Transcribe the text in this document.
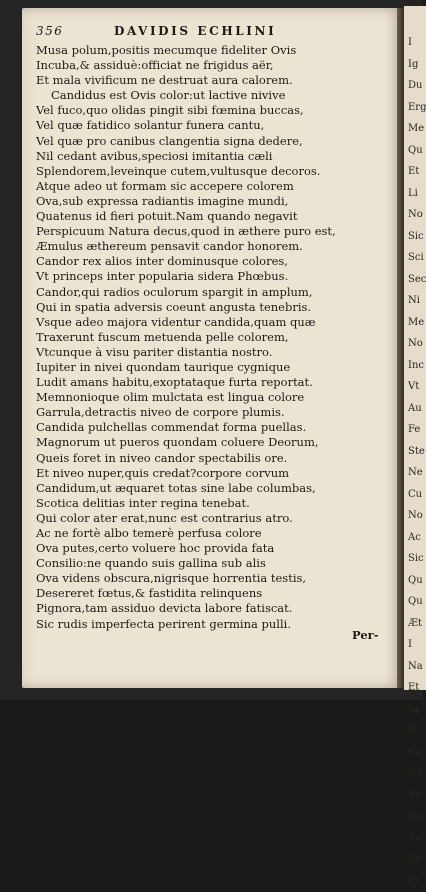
I
Ig
Du
Erg
Me
Qu
Et
Li
No
Sic
Sci
Sec
Ni
Me
No
Inc
Vt
Au
Fe
Ste
Ne
Cu
No
Ac
Sic
Qu
Qu
Æt
I
Na
Et
Ig
H
Co
Ne
Vt
Qu
Au
Et
Cr
356	DAVIDIS ECHLINI
Musa polum,positis mecumque fideliter Ovis
Incuba,& assiduè:officiat ne frigidus aër,
Et mala vivificum ne destruat aura calorem.
Candidus est Ovis color:ut lactive nivive
Vel fuco,quo olidas pingit sibi fœmina buccas,
Vel quæ fatidico solantur funera cantu,
Vel quæ pro canibus clangentia signa dedere,
Nil cedant avibus,speciosi imitantia cæli
Splendorem,leveinque cutem,vultusque decoros.
Atque adeo ut formam sic accepere colorem
Ova,sub expressa radiantis imagine mundi,
Quatenus id fieri potuit.Nam quando negavit
Perspicuum Natura decus,quod in æthere puro est,
Æmulus æthereum pensavit candor honorem.
Candor rex alios inter dominusque colores,
Vt princeps inter popularia sidera Phœbus.
Candor,qui radios oculorum spargit in amplum,
Qui in spatia adversis coeunt angusta tenebris.
Vsque adeo majora videntur candida,quam quæ
Traxerunt fuscum metuenda pelle colorem,
Vtcunque à visu pariter distantia nostro.
Iupiter in nivei quondam taurique cygnique
Ludit amans habitu,exoptataque furta reportat.
Memnonioque olim mulctata est lingua colore
Garrula,detractis niveo de corpore plumis.
Candida pulchellas commendat forma puellas.
Magnorum ut pueros quondam coluere Deorum,
Queis foret in niveo candor spectabilis ore.
Et niveo nuper,quis credat?corpore corvum
Candidum,ut æquaret totas sine labe columbas,
Scotica delitias inter regina tenebat.
Qui color ater erat,nunc est contrarius atro.
Ac ne fortè albo temerè perfusa colore
Ova putes,certo voluere hoc provida fata
Consilio:ne quando suis gallina sub alis
Ova videns obscura,nigrisque horrentia testis,
Desereret fœtus,& fastidita relinquens
Pignora,tam assiduo devicta labore fatiscat.
Sic rudis imperfecta perirent germina pulli.
Per-
